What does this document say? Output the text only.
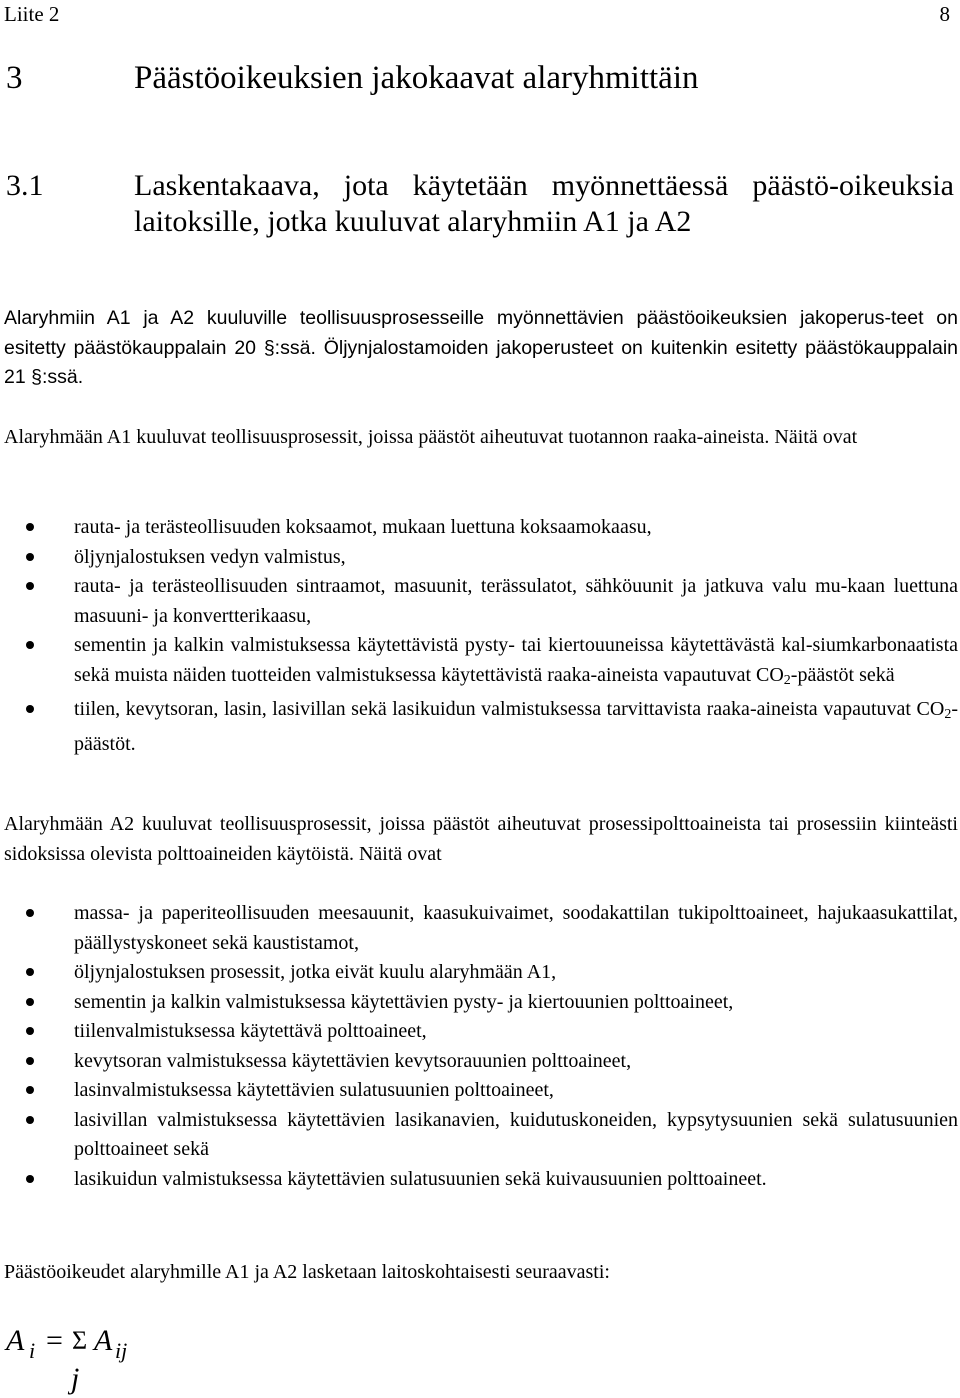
Liite 2	8
3	Päästöoikeuksien jakokaavat alaryhmittäin
3.1	Laskentakaava, jota käytetään myönnettäessä päästö-oikeuksia laitoksille, jotka kuuluvat alaryhmiin A1 ja A2
Alaryhmiin A1 ja A2 kuuluville teollisuusprosesseille myönnettävien päästöoikeuksien jakoperus-teet on esitetty päästökauppalain 20 §:ssä. Öljynjalostamoiden jakoperusteet on kuitenkin esitetty päästökauppalain 21 §:ssä.
Alaryhmään A1 kuuluvat teollisuusprosessit, joissa päästöt aiheutuvat tuotannon raaka-aineista. Näitä ovat
rauta- ja terästeollisuuden koksaamot, mukaan luettuna koksaamokaasu,
öljynjalostuksen vedyn valmistus,
rauta- ja terästeollisuuden sintraamot, masuunit, terässulatot, sähköuunit ja jatkuva valu mu-kaan luettuna masuuni- ja konvertterikaasu,
sementin ja kalkin valmistuksessa käytettävistä pysty- tai kiertouuneissa käytettävästä kal-siumkarbonaatista sekä muista näiden tuotteiden valmistuksessa käytettävistä raaka-aineista vapautuvat $CO_2$-päästöt sekä
tiilen, kevytsoran, lasin, lasivillan sekä lasikuidun valmistuksessa tarvittavista raaka-aineista vapautuvat $CO_2$-päästöt.
Alaryhmään A2 kuuluvat teollisuusprosessit, joissa päästöt aiheutuvat prosessipolttoaineista tai prosessiin kiinteästi sidoksissa olevista polttoaineiden käytöistä. Näitä ovat
massa- ja paperiteollisuuden meesauunit, kaasukuivaimet, soodakattilan tukipolttoaineet, hajukaasukattilat, päällystyskoneet sekä kaustistamot,
öljynjalostuksen prosessit, jotka eivät kuulu alaryhmään A1,
sementin ja kalkin valmistuksessa käytettävien pysty- ja kiertouunien polttoaineet,
tiilenvalmistuksessa käytettävä polttoaineet,
kevytsoran valmistuksessa käytettävien kevytsorauunien polttoaineet,
lasinvalmistuksessa käytettävien sulatusuunien polttoaineet,
lasivillan valmistuksessa käytettävien lasikanavien, kuidutuskoneiden, kypsytysuunien sekä sulatusuunien polttoaineet sekä
lasikuidun valmistuksessa käytettävien sulatusuunien sekä kuivausuunien polttoaineet.
Päästöoikeudet alaryhmille A1 ja A2 lasketaan laitoskohtaisesti seuraavasti:
A i = Σ A ij
j
